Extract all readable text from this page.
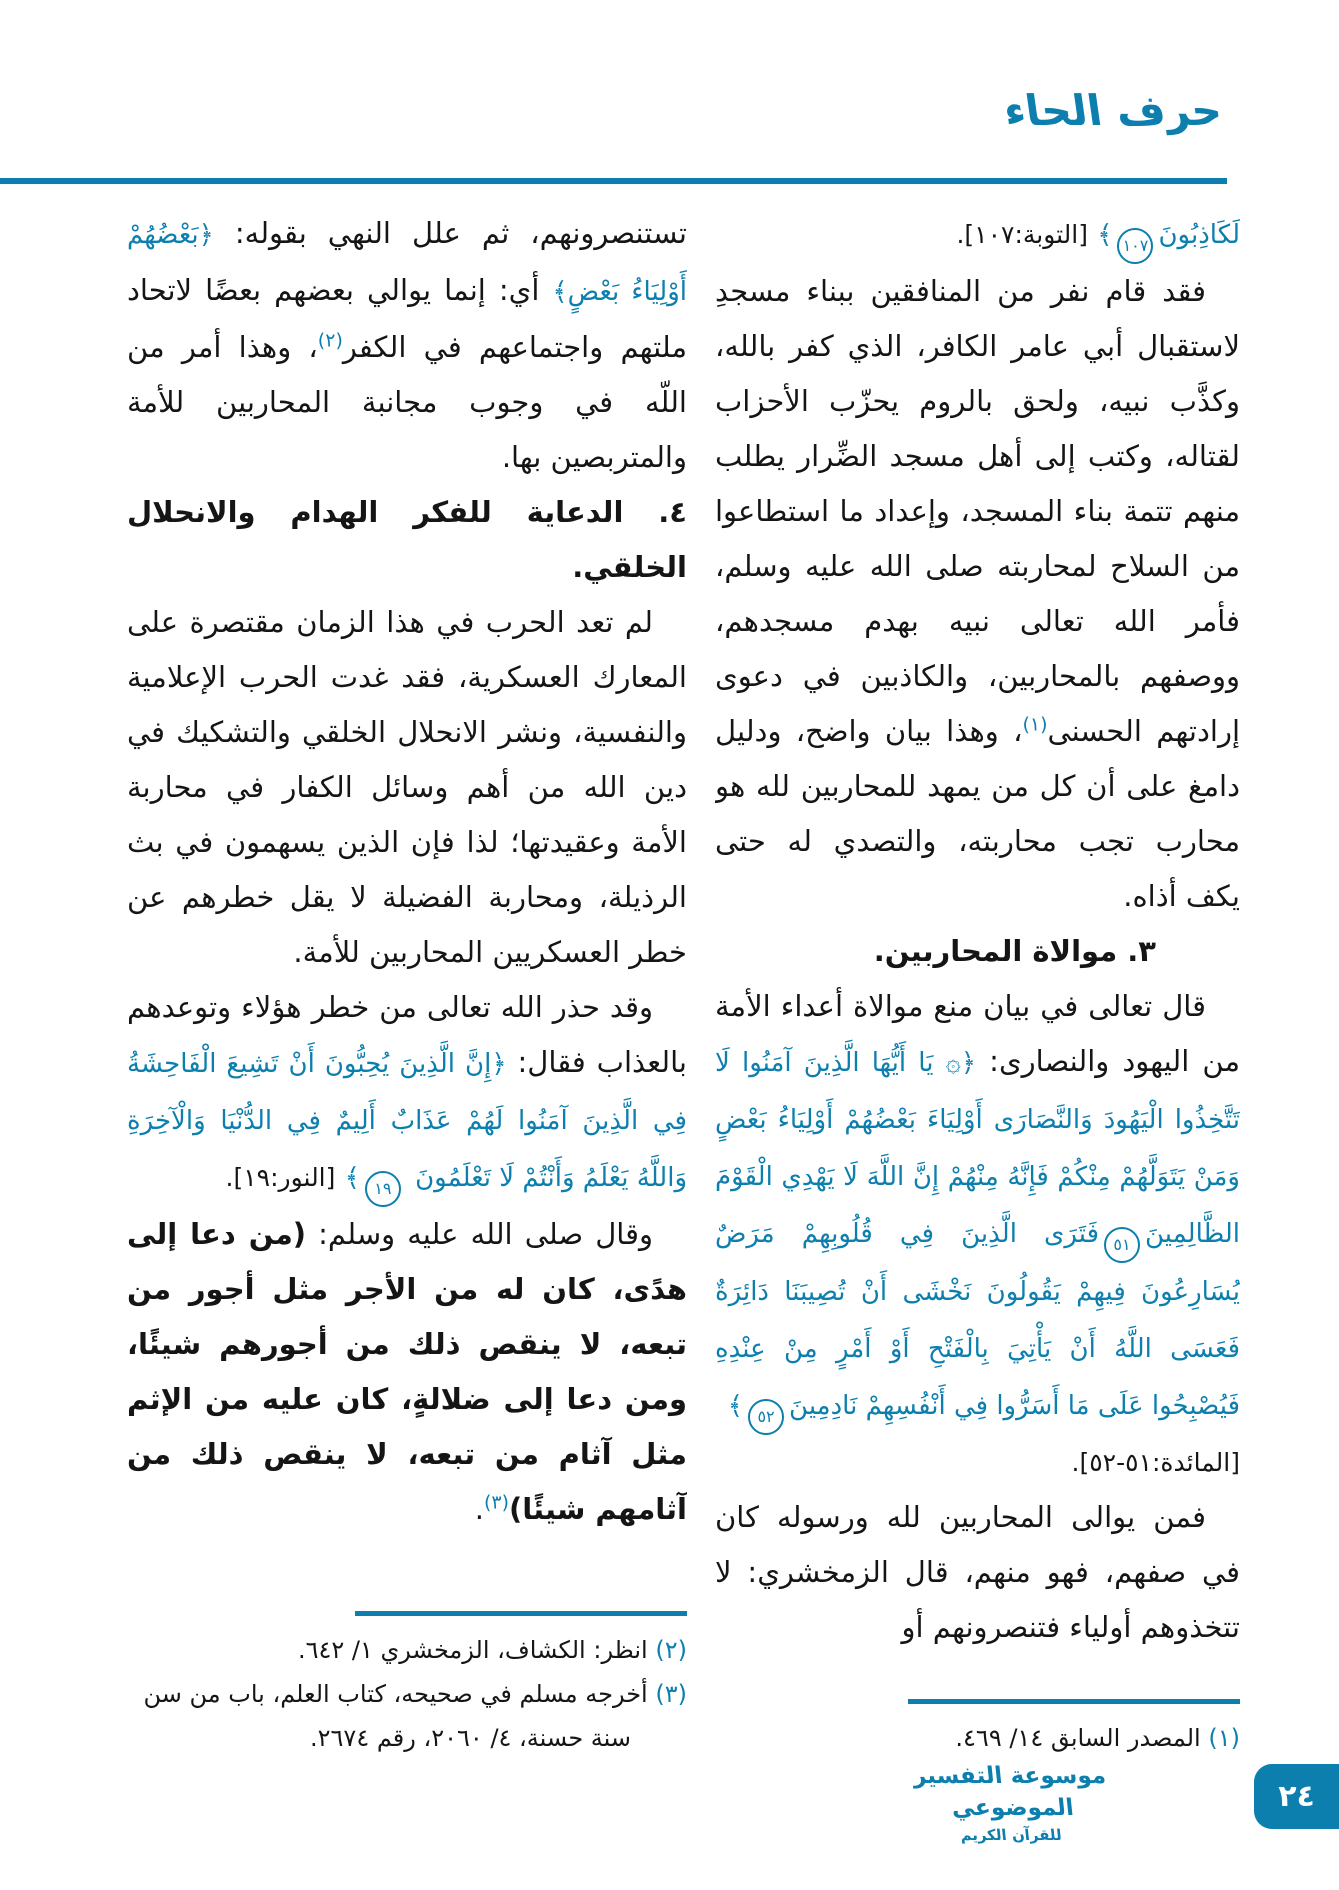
حرف الحاء

لَكَاذِبُونَ١٠٧﴾ [التوبة:١٠٧].

فقد قام نفر من المنافقين ببناء مسجدِ لاستقبال أبي عامر الكافر، الذي كفر بالله، وكذَّب نبيه، ولحق بالروم يحزّب الأحزاب لقتاله، وكتب إلى أهل مسجد الضِّرار يطلب منهم تتمة بناء المسجد، وإعداد ما استطاعوا من السلاح لمحاربته صلى الله عليه وسلم، فأمر الله تعالى نبيه بهدم مسجدهم، ووصفهم بالمحاربين، والكاذبين في دعوى إرادتهم الحسنى$^{(١)}$، وهذا بيان واضح، ودليل دامغ على أن كل من يمهد للمحاربين لله هو محارب تجب محاربته، والتصدي له حتى يكف أذاه.

٣. موالاة المحاربين.

قال تعالى في بيان منع موالاة أعداء الأمة من اليهود والنصارى: ﴿۞ يَا أَيُّهَا الَّذِينَ آمَنُوا لَا تَتَّخِذُوا الْيَهُودَ وَالنَّصَارَى أَوْلِيَاءَ بَعْضُهُمْ أَوْلِيَاءُ بَعْضٍ وَمَنْ يَتَوَلَّهُمْ مِنْكُمْ فَإِنَّهُ مِنْهُمْ إِنَّ اللَّهَ لَا يَهْدِي الْقَوْمَ الظَّالِمِينَ٥١فَتَرَى الَّذِينَ فِي قُلُوبِهِمْ مَرَضٌ يُسَارِعُونَ فِيهِمْ يَقُولُونَ نَخْشَى أَنْ تُصِيبَنَا دَائِرَةٌ فَعَسَى اللَّهُ أَنْ يَأْتِيَ بِالْفَتْحِ أَوْ أَمْرٍ مِنْ عِنْدِهِ فَيُصْبِحُوا عَلَى مَا أَسَرُّوا فِي أَنْفُسِهِمْ نَادِمِينَ٥٢﴾

[المائدة:٥١-٥٢].

فمن يوالى المحاربين لله ورسوله كان في صفهم، فهو منهم، قال الزمخشري: لا تتخذوهم أولياء فتنصرونهم أو

(١) المصدر السابق ١٤/ ٤٦٩.

تستنصرونهم، ثم علل النهي بقوله: ﴿بَعْضُهُمْ أَوْلِيَاءُ بَعْضٍ﴾ أي: إنما يوالي بعضهم بعضًا لاتحاد ملتهم واجتماعهم في الكفر$^{(٢)}$، وهذا أمر من اللّه في وجوب مجانبة المحاربين للأمة والمتربصين بها.

٤. الدعاية للفكر الهدام والانحلال الخلقي.

لم تعد الحرب في هذا الزمان مقتصرة على المعارك العسكرية، فقد غدت الحرب الإعلامية والنفسية، ونشر الانحلال الخلقي والتشكيك في دين الله من أهم وسائل الكفار في محاربة الأمة وعقيدتها؛ لذا فإن الذين يسهمون في بث الرذيلة، ومحاربة الفضيلة لا يقل خطرهم عن خطر العسكريين المحاربين للأمة.

وقد حذر الله تعالى من خطر هؤلاء وتوعدهم بالعذاب فقال: ﴿إِنَّ الَّذِينَ يُحِبُّونَ أَنْ تَشِيعَ الْفَاحِشَةُ فِي الَّذِينَ آمَنُوا لَهُمْ عَذَابٌ أَلِيمٌ فِي الدُّنْيَا وَالْآخِرَةِ وَاللَّهُ يَعْلَمُ وَأَنْتُمْ لَا تَعْلَمُونَ ١٩﴾ [النور:١٩].

وقال صلى الله عليه وسلم: (من دعا إلى هدًى، كان له من الأجر مثل أجور من تبعه، لا ينقص ذلك من أجورهم شيئًا، ومن دعا إلى ضلالةٍ، كان عليه من الإثم مثل آثام من تبعه، لا ينقص ذلك من آثامهم شيئًا)$^{(٣)}$.

(٢) انظر: الكشاف، الزمخشري ١/ ٦٤٢.

(٣) أخرجه مسلم في صحيحه، كتاب العلم، باب من سن سنة حسنة، ٤/ ٢٠٦٠، رقم ٢٦٧٤.

موسوعة التفسير الموضوعي
للقرآن الكريم
٢٤
